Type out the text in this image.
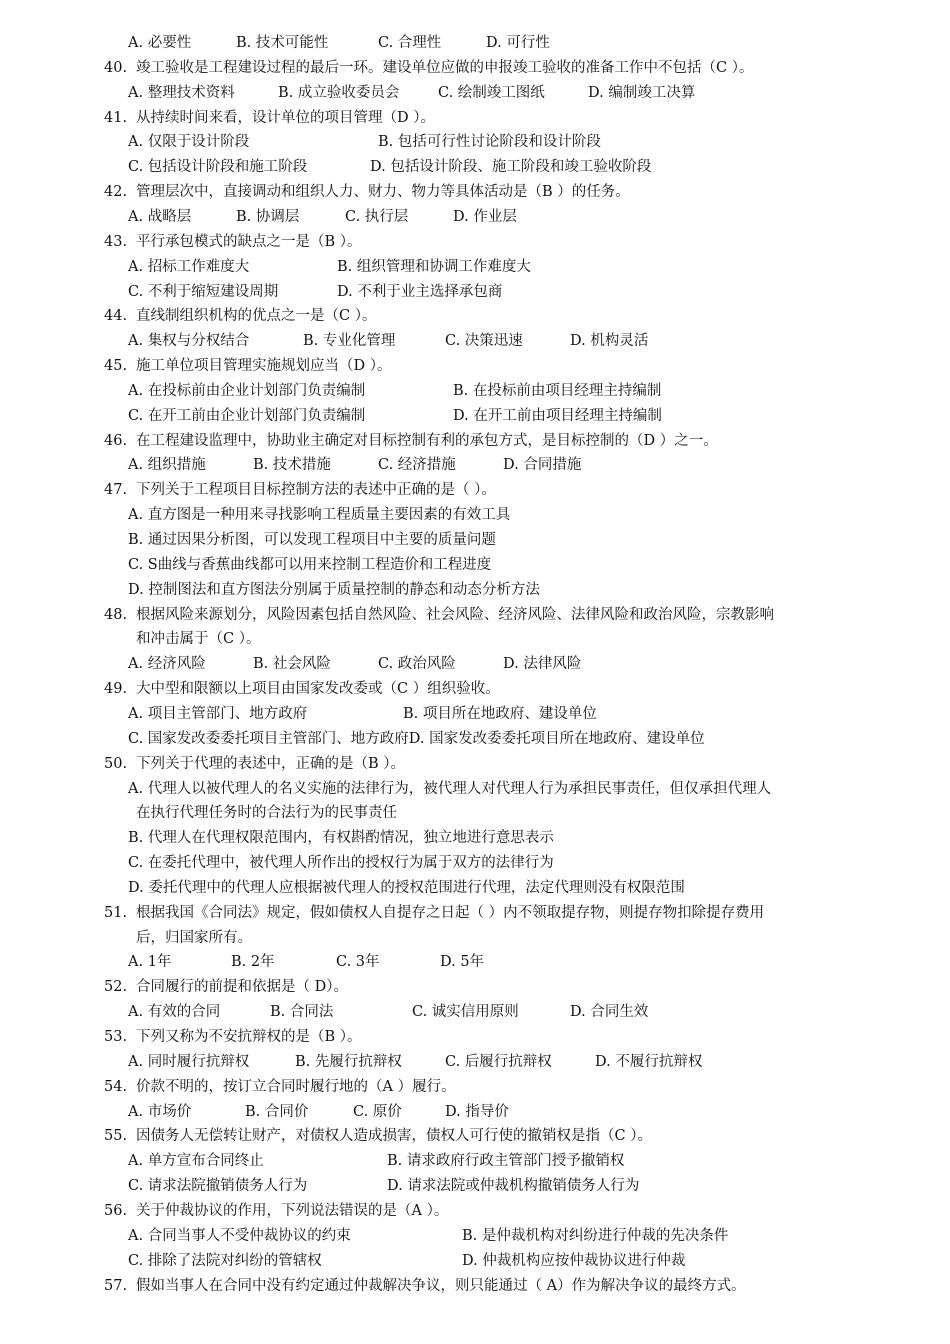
A. 必要性	B. 技术可能性	C. 合理性	D. 可行性
40. 竣工验收是工程建设过程的最后一环。建设单位应做的申报竣工验收的准备工作中不包括（C ）。
A. 整理技术资料	B. 成立验收委员会	C. 绘制竣工图纸	D. 编制竣工决算
41. 从持续时间来看，设计单位的项目管理（D ）。
A. 仅限于设计阶段	B. 包括可行性讨论阶段和设计阶段
C. 包括设计阶段和施工阶段	D. 包括设计阶段、施工阶段和竣工验收阶段
42. 管理层次中，直接调动和组织人力、财力、物力等具体活动是（B ）的任务。
A. 战略层	B. 协调层	C. 执行层	D. 作业层
43. 平行承包模式的缺点之一是（B ）。
A. 招标工作难度大	B. 组织管理和协调工作难度大
C. 不利于缩短建设周期	D. 不利于业主选择承包商
44. 直线制组织机构的优点之一是（C ）。
A. 集权与分权结合	B. 专业化管理	C. 决策迅速	D. 机构灵活
45. 施工单位项目管理实施规划应当（D ）。
A. 在投标前由企业计划部门负责编制	B. 在投标前由项目经理主持编制
C. 在开工前由企业计划部门负责编制	D. 在开工前由项目经理主持编制
46. 在工程建设监理中，协助业主确定对目标控制有利的承包方式，是目标控制的（D ）之一。
A. 组织措施	B. 技术措施	C. 经济措施	D. 合同措施
47. 下列关于工程项目目标控制方法的表述中正确的是（ ）。
A. 直方图是一种用来寻找影响工程质量主要因素的有效工具
B. 通过因果分析图，可以发现工程项目中主要的质量问题
C. S曲线与香蕉曲线都可以用来控制工程造价和工程进度
D. 控制图法和直方图法分别属于质量控制的静态和动态分析方法
48. 根据风险来源划分，风险因素包括自然风险、社会风险、经济风险、法律风险和政治风险，宗教影响
和冲击属于（C ）。
A. 经济风险	B. 社会风险	C. 政治风险	D. 法律风险
49. 大中型和限额以上项目由国家发改委或（C ）组织验收。
A. 项目主管部门、地方政府	B. 项目所在地政府、建设单位
C. 国家发改委委托项目主管部门、地方政府D. 国家发改委委托项目所在地政府、建设单位
50. 下列关于代理的表述中，正确的是（B ）。
A. 代理人以被代理人的名义实施的法律行为，被代理人对代理人行为承担民事责任，但仅承担代理人
在执行代理任务时的合法行为的民事责任
B. 代理人在代理权限范围内，有权斟酌情况，独立地进行意思表示
C. 在委托代理中，被代理人所作出的授权行为属于双方的法律行为
D. 委托代理中的代理人应根据被代理人的授权范围进行代理，法定代理则没有权限范围
51. 根据我国《合同法》规定，假如债权人自提存之日起（ ）内不领取提存物，则提存物扣除提存费用
后，归国家所有。
A. 1年	B. 2年	C. 3年	D. 5年
52. 合同履行的前提和依据是（ D）。
A. 有效的合同	B. 合同法	C. 诚实信用原则	D. 合同生效
53. 下列又称为不安抗辩权的是（B ）。
A. 同时履行抗辩权	B. 先履行抗辩权	C. 后履行抗辩权	D. 不履行抗辩权
54. 价款不明的，按订立合同时履行地的（A ）履行。
A. 市场价	B. 合同价	C. 原价	D. 指导价
55. 因债务人无偿转让财产，对债权人造成损害，债权人可行使的撤销权是指（C ）。
A. 单方宣布合同终止	B. 请求政府行政主管部门授予撤销权
C. 请求法院撤销债务人行为	D. 请求法院或仲裁机构撤销债务人行为
56. 关于仲裁协议的作用，下列说法错误的是（A ）。
A. 合同当事人不受仲裁协议的约束	B. 是仲裁机构对纠纷进行仲裁的先决条件
C. 排除了法院对纠纷的管辖权	D. 仲裁机构应按仲裁协议进行仲裁
57. 假如当事人在合同中没有约定通过仲裁解决争议，则只能通过（ A）作为解决争议的最终方式。
